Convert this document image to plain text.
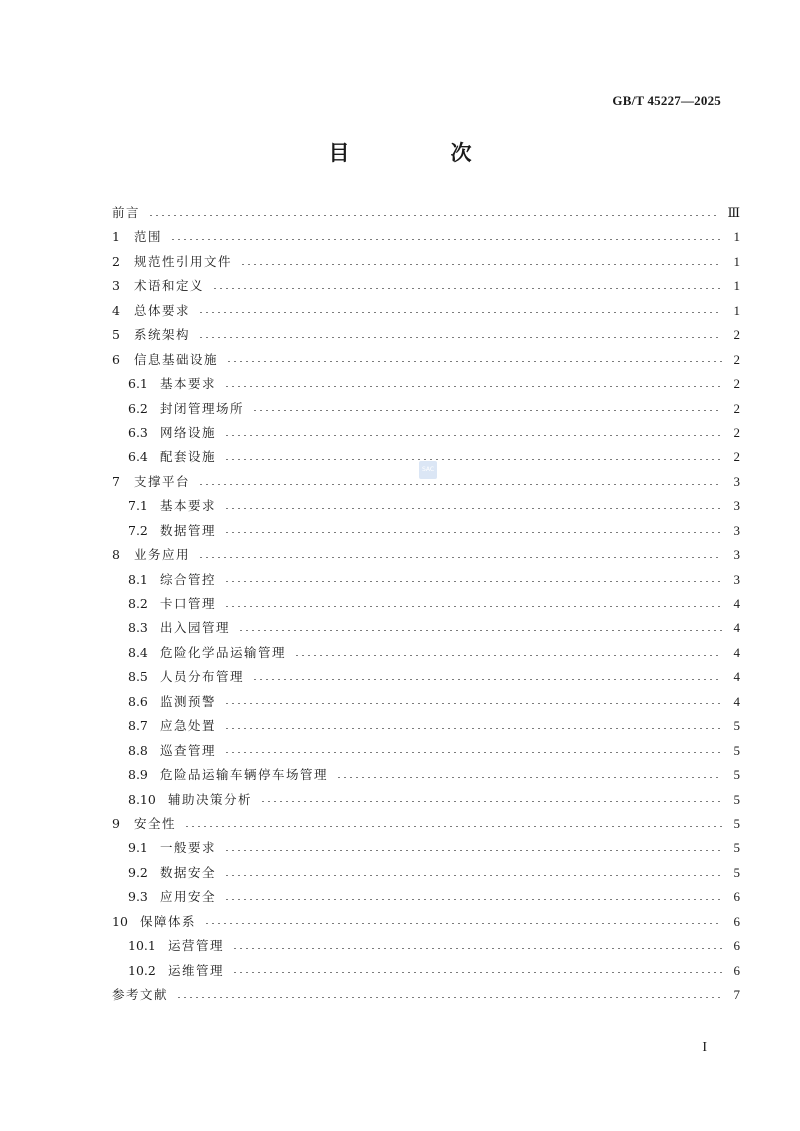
GB/T 45227—2025
目　次
前言	Ⅲ
1	范围	1
2	规范性引用文件	1
3	术语和定义	1
4	总体要求	1
5	系统架构	2
6	信息基础设施	2
6.1 基本要求	2
6.2 封闭管理场所	2
6.3 网络设施	2
6.4 配套设施	2
7	支撑平台	3
7.1 基本要求	3
7.2 数据管理	3
8	业务应用	3
8.1 综合管控	3
8.2 卡口管理	4
8.3 出入园管理	4
8.4 危险化学品运输管理	4
8.5 人员分布管理	4
8.6 监测预警	4
8.7 应急处置	5
8.8 巡查管理	5
8.9 危险品运输车辆停车场管理	5
8.10 辅助决策分析	5
9	安全性	5
9.1 一般要求	5
9.2 数据安全	5
9.3 应用安全	6
10 保障体系	6
10.1 运营管理	6
10.2 运维管理	6
参考文献	7
SAC
I
